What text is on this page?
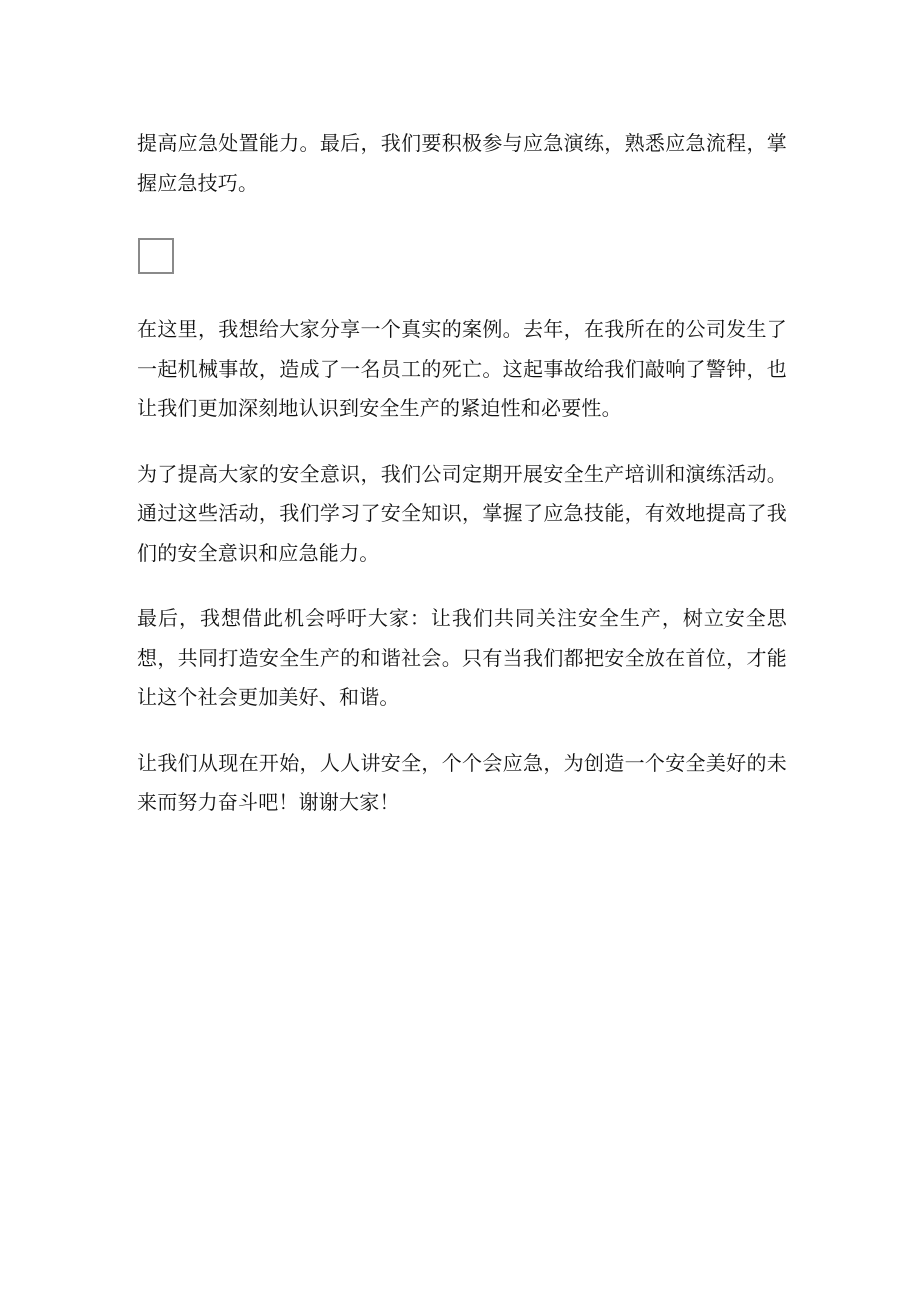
提高应急处置能力。最后，我们要积极参与应急演练，熟悉应急流程，掌握应急技巧。

在这里，我想给大家分享一个真实的案例。去年，在我所在的公司发生了一起机械事故，造成了一名员工的死亡。这起事故给我们敲响了警钟，也让我们更加深刻地认识到安全生产的紧迫性和必要性。

为了提高大家的安全意识，我们公司定期开展安全生产培训和演练活动。通过这些活动，我们学习了安全知识，掌握了应急技能，有效地提高了我们的安全意识和应急能力。

最后，我想借此机会呼吁大家：让我们共同关注安全生产，树立安全思想，共同打造安全生产的和谐社会。只有当我们都把安全放在首位，才能让这个社会更加美好、和谐。

让我们从现在开始，人人讲安全，个个会应急，为创造一个安全美好的未来而努力奋斗吧！谢谢大家！
